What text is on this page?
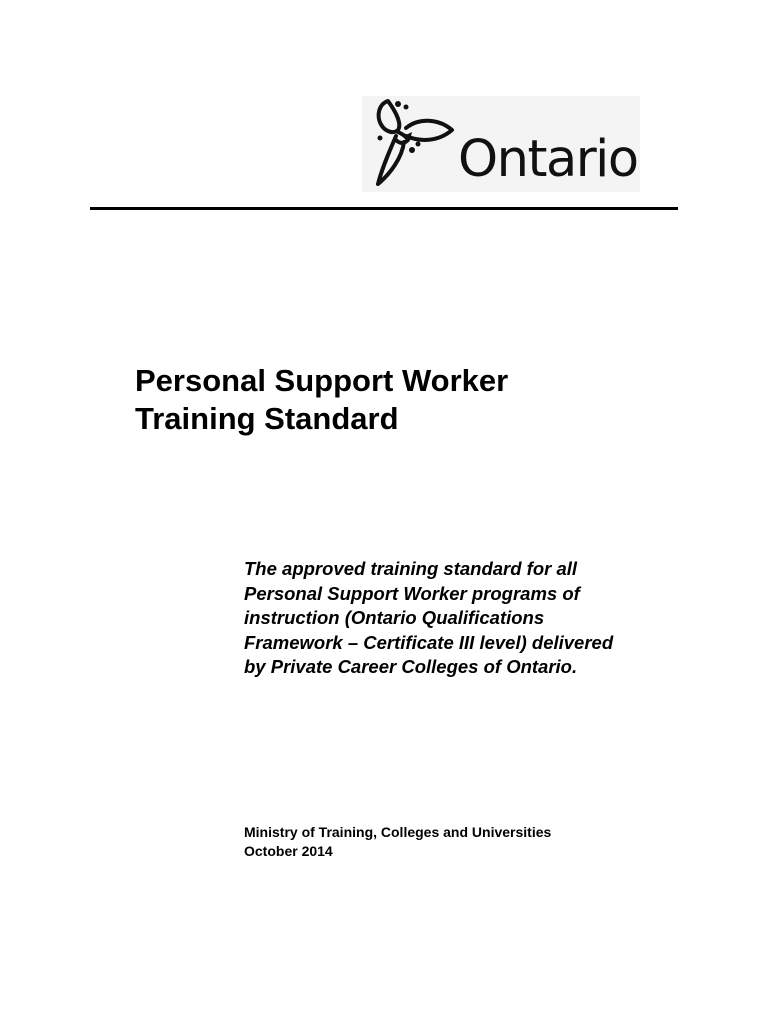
Ontario
Personal Support Worker
Training Standard

The approved training standard for all
Personal Support Worker programs of
instruction (Ontario Qualifications
Framework – Certificate III level) delivered
by Private Career Colleges of Ontario.

Ministry of Training, Colleges and Universities
October 2014
